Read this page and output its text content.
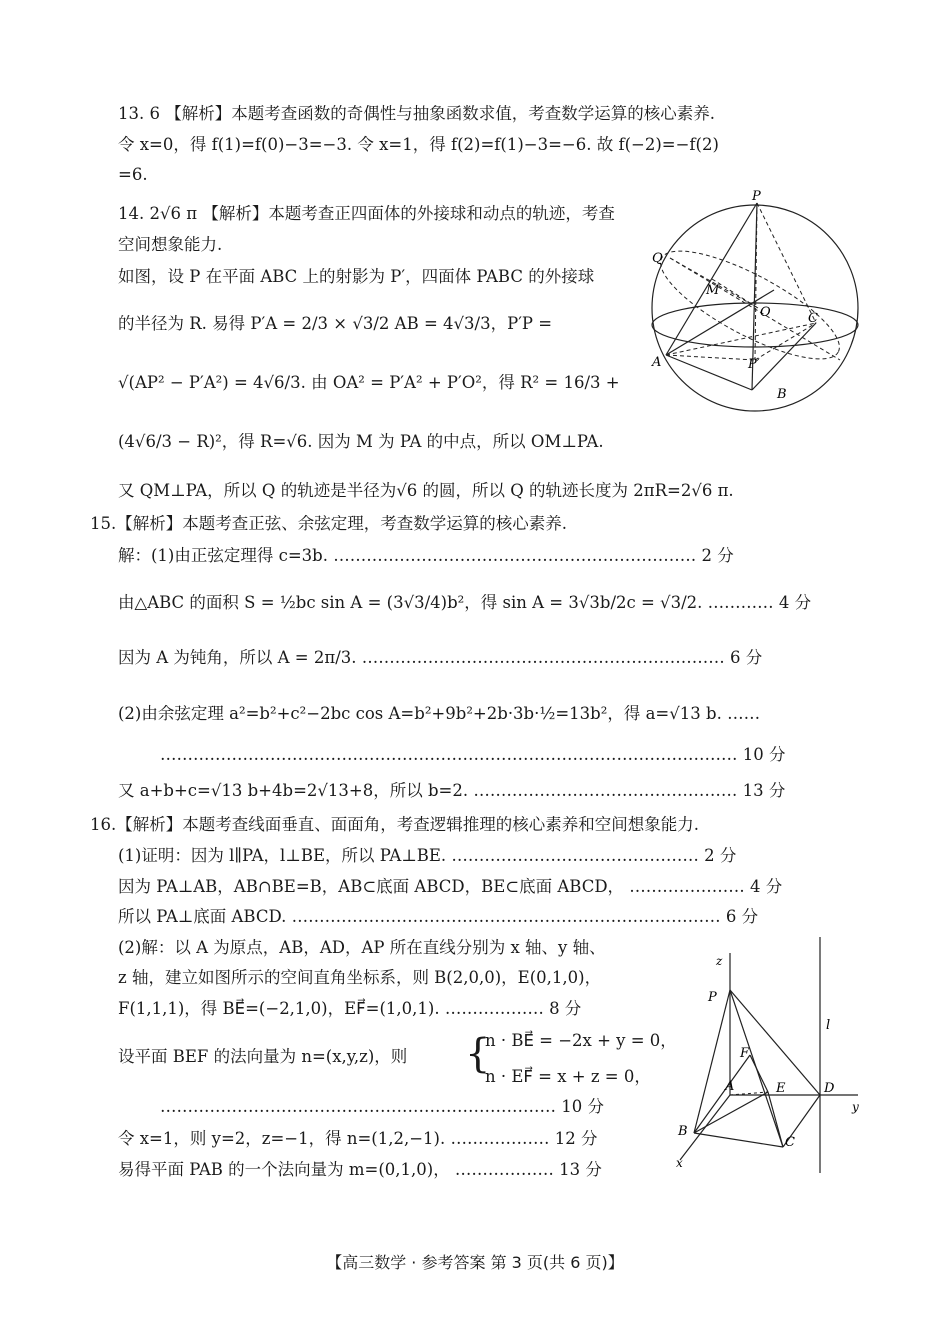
13. 6 【解析】本题考查函数的奇偶性与抽象函数求值，考查数学运算的核心素养.
令 x=0，得 f(1)=f(0)−3=−3. 令 x=1，得 f(2)=f(1)−3=−6. 故 f(−2)=−f(2)
=6.
14. 2√6 π 【解析】本题考查正四面体的外接球和动点的轨迹，考查
空间想象能力.
如图，设 P 在平面 ABC 上的射影为 P′，四面体 PABC 的外接球
的半径为 R. 易得 P′A = 2/3 × √3/2 AB = 4√3/3，P′P =
√(AP² − P′A²) = 4√6/3. 由 OA² = P′A² + P′O²，得 R² = 16/3 +
(4√6/3 − R)²，得 R=√6. 因为 M 为 PA 的中点，所以 OM⊥PA.
又 QM⊥PA，所以 Q 的轨迹是半径为√6 的圆，所以 Q 的轨迹长度为 2πR=2√6 π.
P
Q
M
O	C
A	P′
B
15.【解析】本题考查正弦、余弦定理，考查数学运算的核心素养.
解：(1)由正弦定理得 c=3b. ………………………………………………………… 2 分
由△ABC 的面积 S = ½bc sin A = (3√3/4)b²，得 sin A = 3√3b/2c = √3/2. ………… 4 分
因为 A 为钝角，所以 A = 2π/3. ………………………………………………………… 6 分
(2)由余弦定理 a²=b²+c²−2bc cos A=b²+9b²+2b·3b·½=13b²，得 a=√13 b. ……
…………………………………………………………………………………………… 10 分
又 a+b+c=√13 b+4b=2√13+8，所以 b=2. ………………………………………… 13 分
16.【解析】本题考查线面垂直、面面角，考查逻辑推理的核心素养和空间想象能力.
(1)证明：因为 l∥PA，l⊥BE，所以 PA⊥BE. ……………………………………… 2 分
因为 PA⊥AB，AB∩BE=B，AB⊂底面 ABCD，BE⊂底面 ABCD， ………………… 4 分
所以 PA⊥底面 ABCD. …………………………………………………………………… 6 分
(2)解：以 A 为原点，AB，AD，AP 所在直线分别为 x 轴、y 轴、
z 轴，建立如图所示的空间直角坐标系，则 B(2,0,0)，E(0,1,0)，
F(1,1,1)，得 BE⃗=(−2,1,0)，EF⃗=(1,0,1). ……………… 8 分
设平面 BEF 的法向量为 n=(x,y,z)，则 {
n · BE⃗ = −2x + y = 0，
n · EF⃗ = x + z = 0，
……………………………………………………………… 10 分
令 x=1，则 y=2，z=−1，得 n=(1,2,−1). ……………… 12 分
易得平面 PAB 的一个法向量为 m=(0,1,0)， ……………… 13 分
z
P
l
F
A	E	D
y
B
C
x
【高三数学 · 参考答案 第 3 页(共 6 页)】
